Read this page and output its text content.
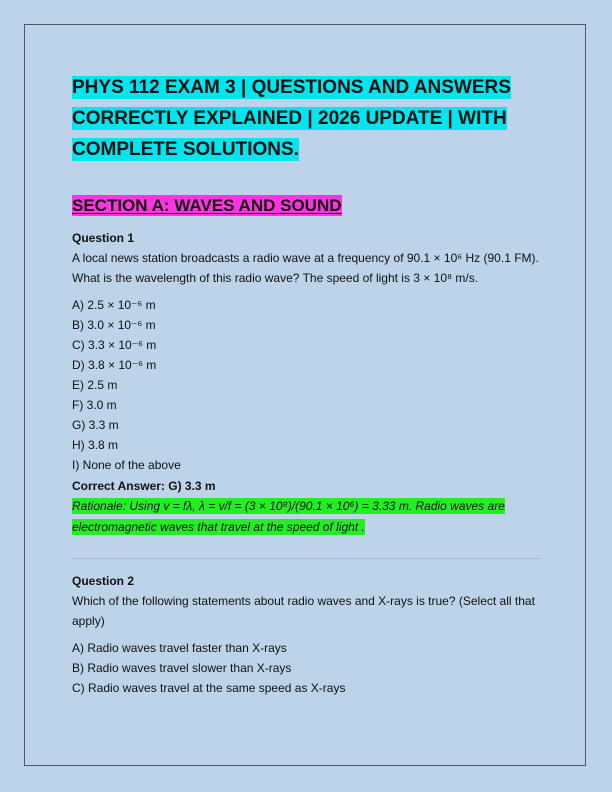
PHYS 112 EXAM 3 | QUESTIONS AND ANSWERS CORRECTLY EXPLAINED | 2026 UPDATE | WITH COMPLETE SOLUTIONS.
SECTION A: WAVES AND SOUND
Question 1
A local news station broadcasts a radio wave at a frequency of 90.1 × 10⁶ Hz (90.1 FM). What is the wavelength of this radio wave? The speed of light is 3 × 10⁸ m/s.
A) 2.5 × 10⁻⁶ m
B) 3.0 × 10⁻⁶ m
C) 3.3 × 10⁻⁶ m
D) 3.8 × 10⁻⁶ m
E) 2.5 m
F) 3.0 m
G) 3.3 m
H) 3.8 m
I) None of the above
Correct Answer: G) 3.3 m
Rationale: Using v = fλ, λ = v/f = (3 × 10⁸)/(90.1 × 10⁶) = 3.33 m. Radio waves are electromagnetic waves that travel at the speed of light .
Question 2
Which of the following statements about radio waves and X-rays is true? (Select all that apply)
A) Radio waves travel faster than X-rays
B) Radio waves travel slower than X-rays
C) Radio waves travel at the same speed as X-rays
